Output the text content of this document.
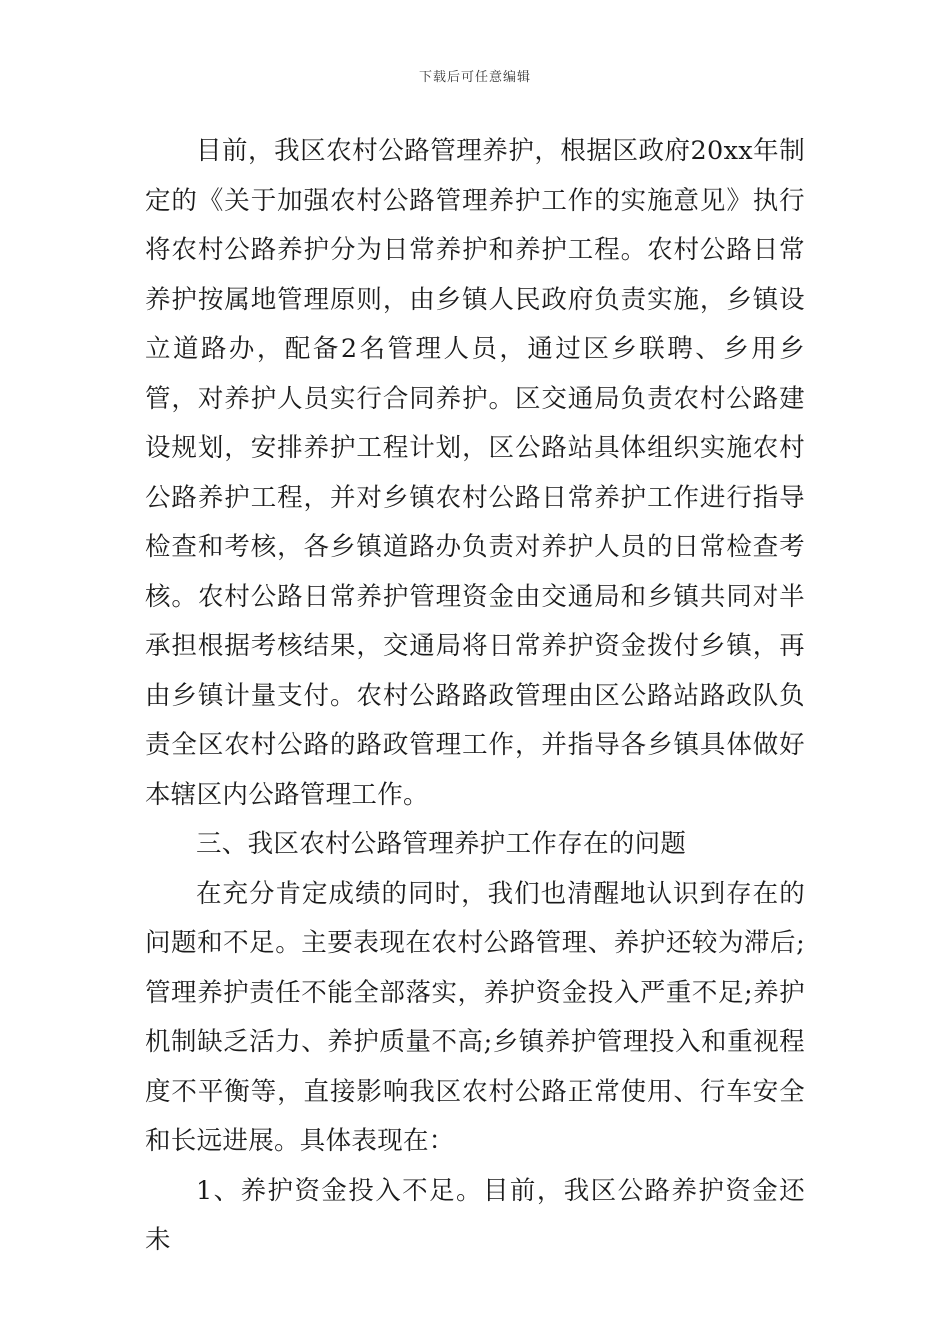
下载后可任意编辑

目前，我区农村公路管理养护，根据区政府20xx年制定的《关于加强农村公路管理养护工作的实施意见》执行将农村公路养护分为日常养护和养护工程。农村公路日常养护按属地管理原则，由乡镇人民政府负责实施，乡镇设立道路办，配备2名管理人员，通过区乡联聘、乡用乡管，对养护人员实行合同养护。区交通局负责农村公路建设规划，安排养护工程计划，区公路站具体组织实施农村公路养护工程，并对乡镇农村公路日常养护工作进行指导检查和考核，各乡镇道路办负责对养护人员的日常检查考核。农村公路日常养护管理资金由交通局和乡镇共同对半承担根据考核结果，交通局将日常养护资金拨付乡镇，再由乡镇计量支付。农村公路路政管理由区公路站路政队负责全区农村公路的路政管理工作，并指导各乡镇具体做好本辖区内公路管理工作。

三、我区农村公路管理养护工作存在的问题

在充分肯定成绩的同时，我们也清醒地认识到存在的问题和不足。主要表现在农村公路管理、养护还较为滞后;管理养护责任不能全部落实，养护资金投入严重不足;养护机制缺乏活力、养护质量不高;乡镇养护管理投入和重视程度不平衡等，直接影响我区农村公路正常使用、行车安全和长远进展。具体表现在：

1、养护资金投入不足。目前，我区公路养护资金还未
